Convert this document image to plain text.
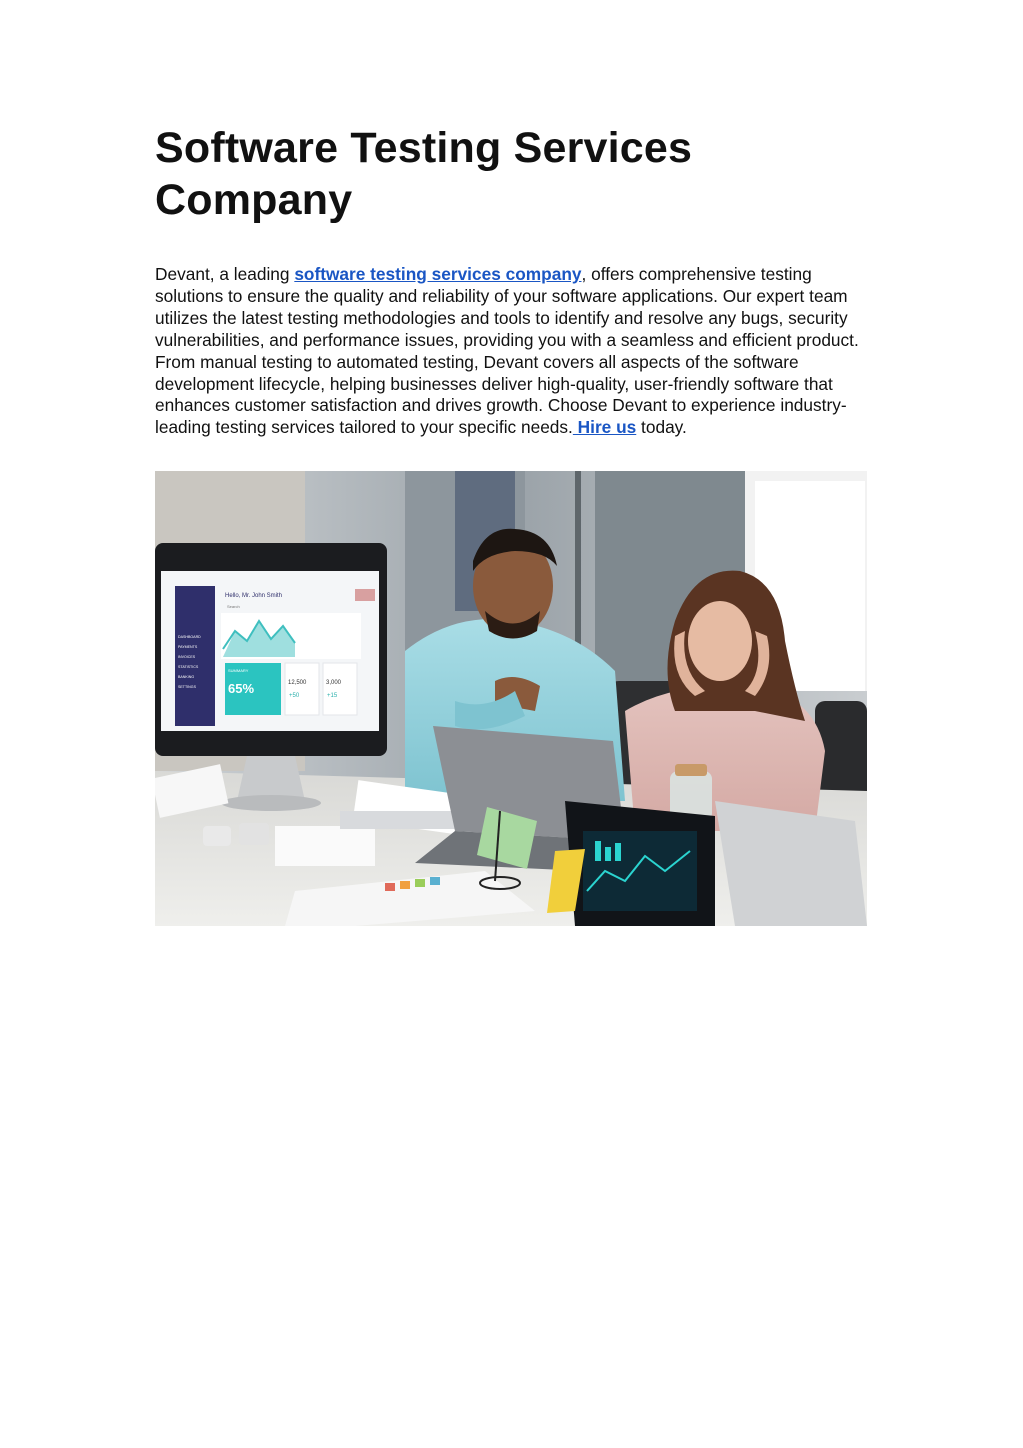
Software Testing Services
Company

Devant, a leading software testing services company, offers comprehensive testing solutions to ensure the quality and reliability of your software applications. Our expert team utilizes the latest testing methodologies and tools to identify and resolve any bugs, security vulnerabilities, and performance issues, providing you with a seamless and efficient product. From manual testing to automated testing, Devant covers all aspects of the software development lifecycle, helping businesses deliver high-quality, user-friendly software that enhances customer satisfaction and drives growth. Choose Devant to experience industry-leading testing services tailored to your specific needs. Hire us today.

Hello, Mr. John Smith
Search
DASHBOARD
PAYMENTS
INVOICES
STATISTICS
BANKING
SETTINGS
SUMMARY
65%	12,500
+50
3,000
+15
